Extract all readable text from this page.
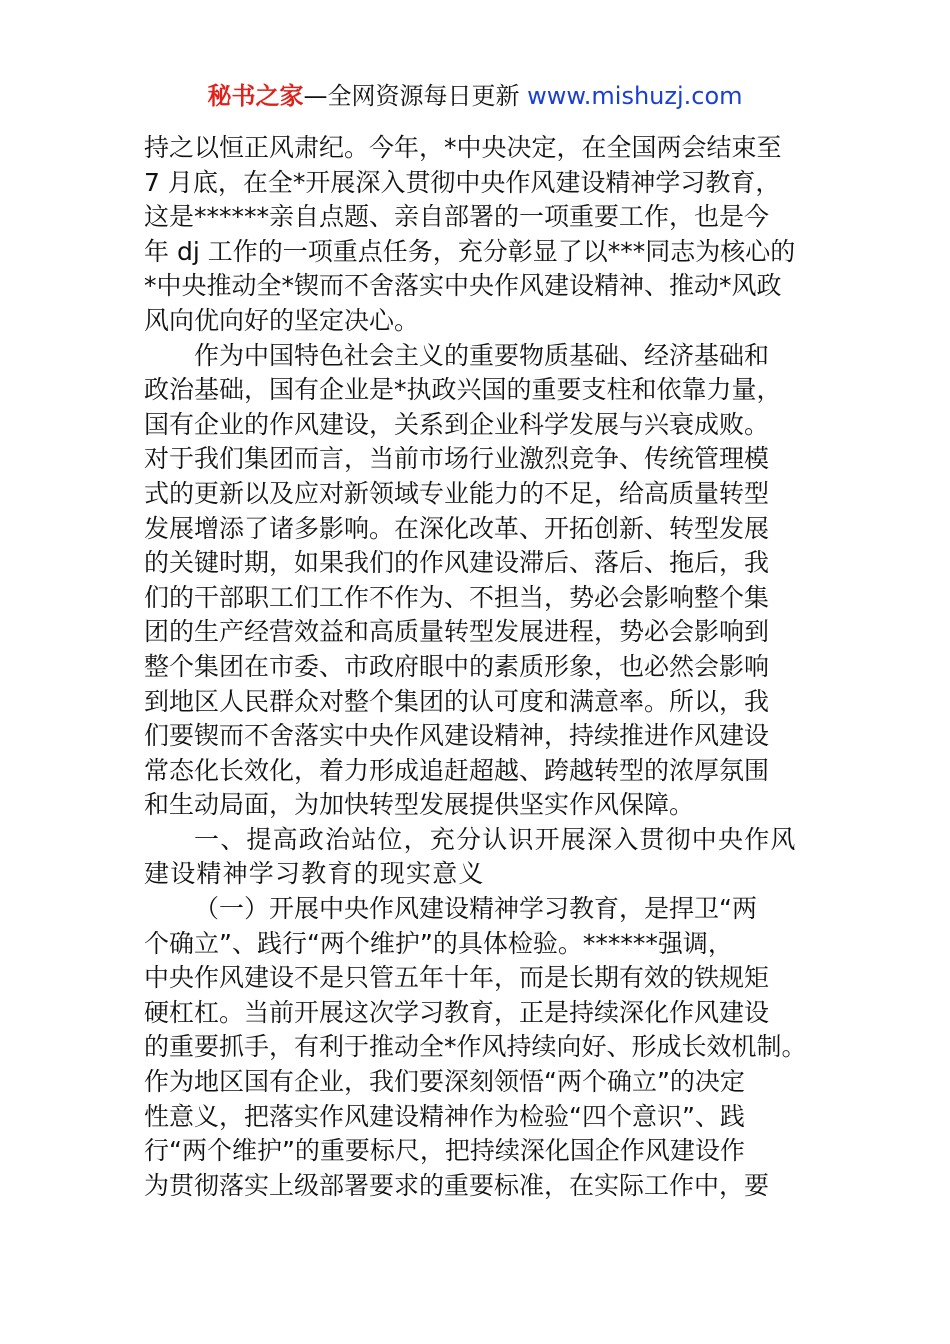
秘书之家—全网资源每日更新 www.mishuzj.com
持之以恒正风肃纪。今年，*中央决定，在全国两会结束至
7 月底，在全*开展深入贯彻中央作风建设精神学习教育，
这是******亲自点题、亲自部署的一项重要工作，也是今
年 dj 工作的一项重点任务，充分彰显了以***同志为核心的
*中央推动全*锲而不舍落实中央作风建设精神、推动*风政
风向优向好的坚定决心。
作为中国特色社会主义的重要物质基础、经济基础和
政治基础，国有企业是*执政兴国的重要支柱和依靠力量，
国有企业的作风建设，关系到企业科学发展与兴衰成败。
对于我们集团而言，当前市场行业激烈竞争、传统管理模
式的更新以及应对新领域专业能力的不足，给高质量转型
发展增添了诸多影响。在深化改革、开拓创新、转型发展
的关键时期，如果我们的作风建设滞后、落后、拖后，我
们的干部职工们工作不作为、不担当，势必会影响整个集
团的生产经营效益和高质量转型发展进程，势必会影响到
整个集团在市委、市政府眼中的素质形象，也必然会影响
到地区人民群众对整个集团的认可度和满意率。所以，我
们要锲而不舍落实中央作风建设精神，持续推进作风建设
常态化长效化，着力形成追赶超越、跨越转型的浓厚氛围
和生动局面，为加快转型发展提供坚实作风保障。
一、提高政治站位，充分认识开展深入贯彻中央作风
建设精神学习教育的现实意义
（一）开展中央作风建设精神学习教育，是捍卫“两
个确立”、践行“两个维护”的具体检验。******强调，
中央作风建设不是只管五年十年，而是长期有效的铁规矩
硬杠杠。当前开展这次学习教育，正是持续深化作风建设
的重要抓手，有利于推动全*作风持续向好、形成长效机制。
作为地区国有企业，我们要深刻领悟“两个确立”的决定
性意义，把落实作风建设精神作为检验“四个意识”、践
行“两个维护”的重要标尺，把持续深化国企作风建设作
为贯彻落实上级部署要求的重要标准，在实际工作中，要
